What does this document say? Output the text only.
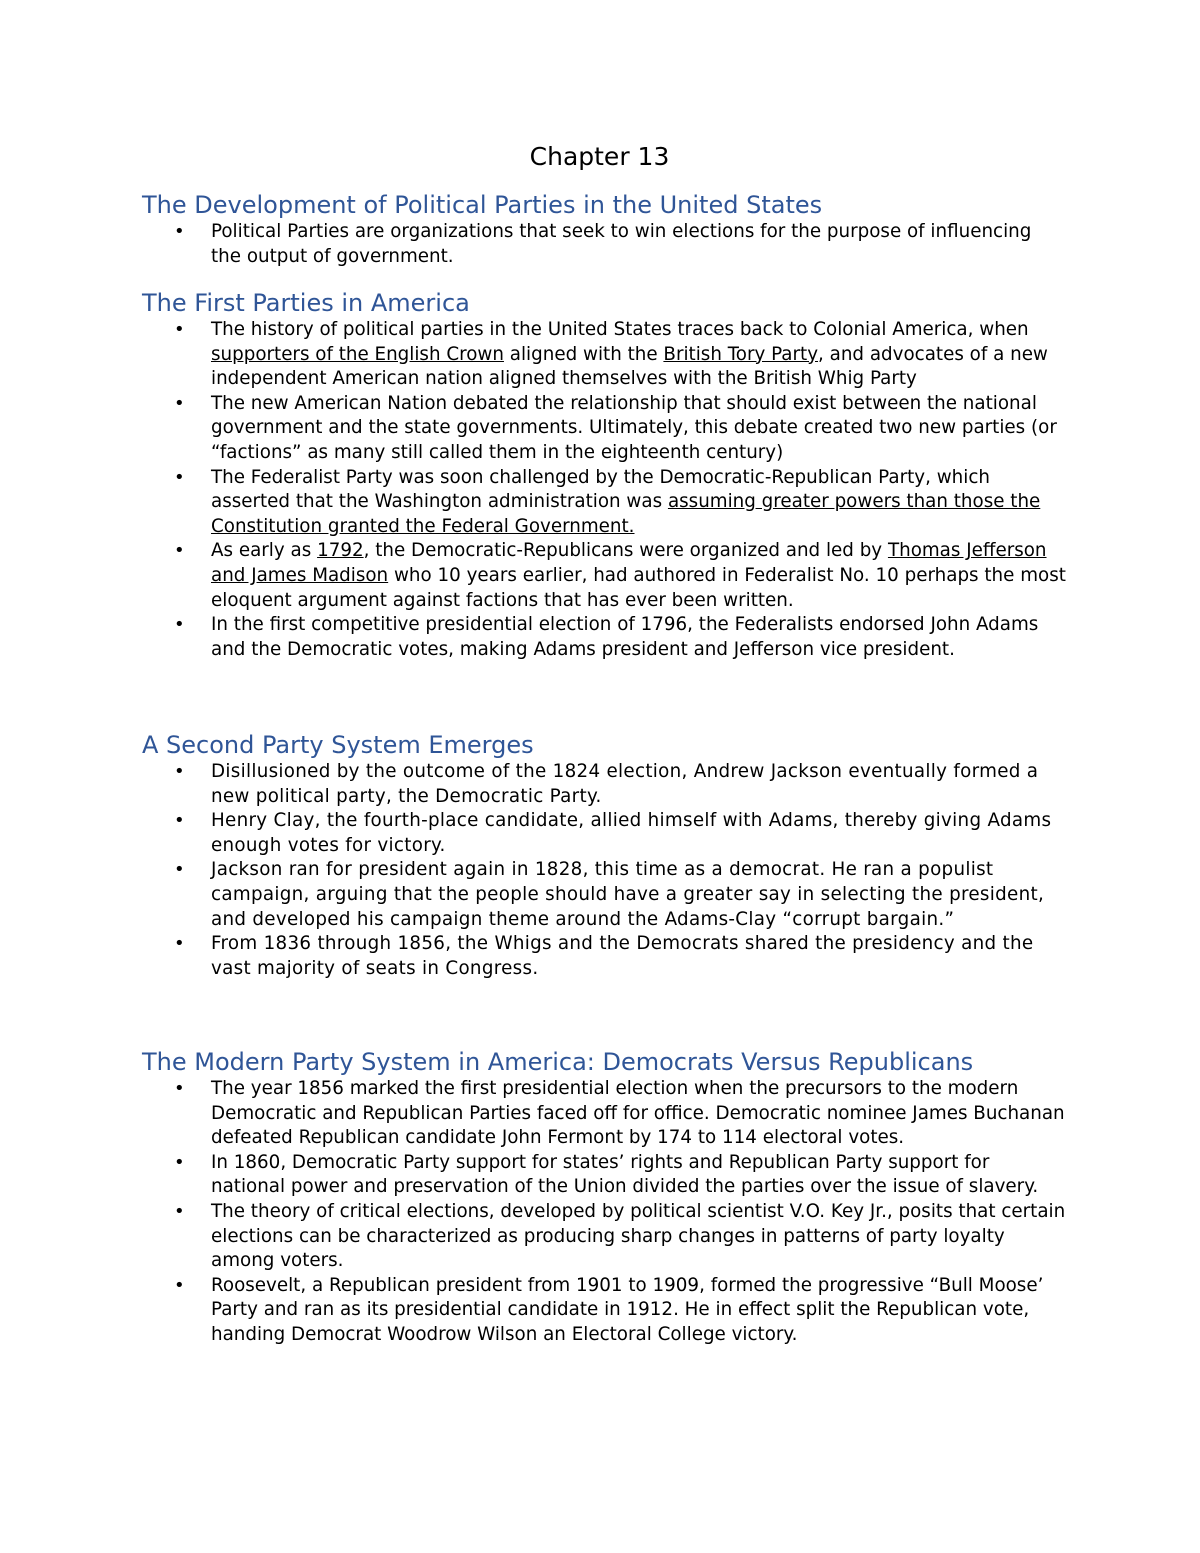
Chapter 13
The Development of Political Parties in the United States
• Political Parties are organizations that seek to win elections for the purpose of influencing the output of government.
The First Parties in America
• The history of political parties in the United States traces back to Colonial America, when supporters of the English Crown aligned with the British Tory Party, and advocates of a new independent American nation aligned themselves with the British Whig Party
• The new American Nation debated the relationship that should exist between the national government and the state governments. Ultimately, this debate created two new parties (or “factions” as many still called them in the eighteenth century)
• The Federalist Party was soon challenged by the Democratic-Republican Party, which asserted that the Washington administration was assuming greater powers than those the Constitution granted the Federal Government.
• As early as 1792, the Democratic-Republicans were organized and led by Thomas Jefferson and James Madison who 10 years earlier, had authored in Federalist No. 10 perhaps the most eloquent argument against factions that has ever been written.
• In the first competitive presidential election of 1796, the Federalists endorsed John Adams and the Democratic votes, making Adams president and Jefferson vice president.
A Second Party System Emerges
• Disillusioned by the outcome of the 1824 election, Andrew Jackson eventually formed a new political party, the Democratic Party.
• Henry Clay, the fourth-place candidate, allied himself with Adams, thereby giving Adams enough votes for victory.
• Jackson ran for president again in 1828, this time as a democrat. He ran a populist campaign, arguing that the people should have a greater say in selecting the president, and developed his campaign theme around the Adams-Clay “corrupt bargain.”
• From 1836 through 1856, the Whigs and the Democrats shared the presidency and the vast majority of seats in Congress.
The Modern Party System in America: Democrats Versus Republicans
• The year 1856 marked the first presidential election when the precursors to the modern Democratic and Republican Parties faced off for office. Democratic nominee James Buchanan defeated Republican candidate John Fermont by 174 to 114 electoral votes.
• In 1860, Democratic Party support for states’ rights and Republican Party support for national power and preservation of the Union divided the parties over the issue of slavery.
• The theory of critical elections, developed by political scientist V.O. Key Jr., posits that certain elections can be characterized as producing sharp changes in patterns of party loyalty among voters.
• Roosevelt, a Republican president from 1901 to 1909, formed the progressive “Bull Moose’ Party and ran as its presidential candidate in 1912. He in effect split the Republican vote, handing Democrat Woodrow Wilson an Electoral College victory.
